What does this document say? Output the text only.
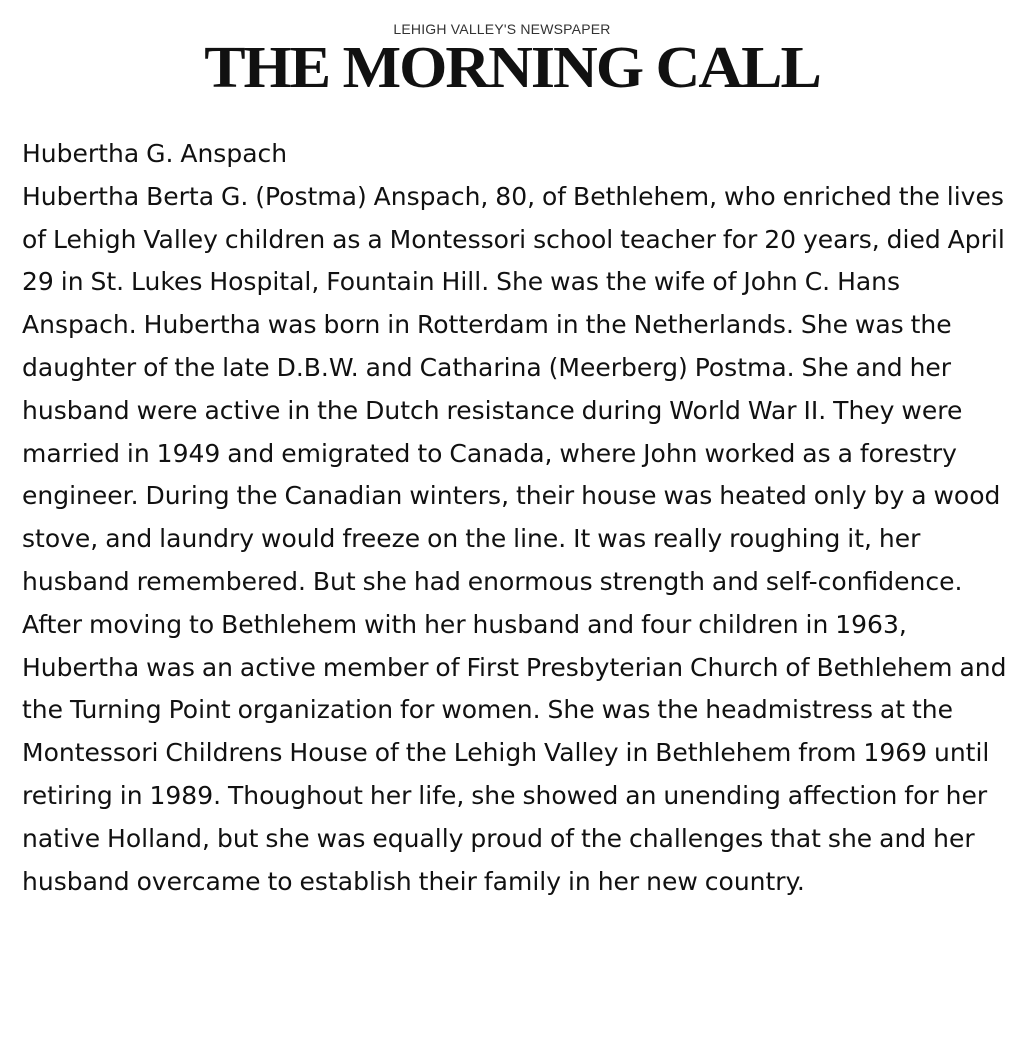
LEHIGH VALLEY'S NEWSPAPER
THE MORNING CALL

Hubertha G. Anspach

Hubertha Berta G. (Postma) Anspach, 80, of Bethlehem, who enriched the lives of Lehigh Valley children as a Montessori school teacher for 20 years, died April 29 in St. Lukes Hospital, Fountain Hill. She was the wife of John C. Hans Anspach. Hubertha was born in Rotterdam in the Netherlands. She was the daughter of the late D.B.W. and Catharina (Meerberg) Postma. She and her husband were active in the Dutch resistance during World War II. They were married in 1949 and emigrated to Canada, where John worked as a forestry engineer. During the Canadian winters, their house was heated only by a wood stove, and laundry would freeze on the line. It was really roughing it, her husband remembered. But she had enormous strength and self-confidence. After moving to Bethlehem with her husband and four children in 1963, Hubertha was an active member of First Presbyterian Church of Bethlehem and the Turning Point organization for women. She was the headmistress at the Montessori Childrens House of the Lehigh Valley in Bethlehem from 1969 until retiring in 1989. Thoughout her life, she showed an unending affection for her native Holland, but she was equally proud of the challenges that she and her husband overcame to establish their family in her new country.
